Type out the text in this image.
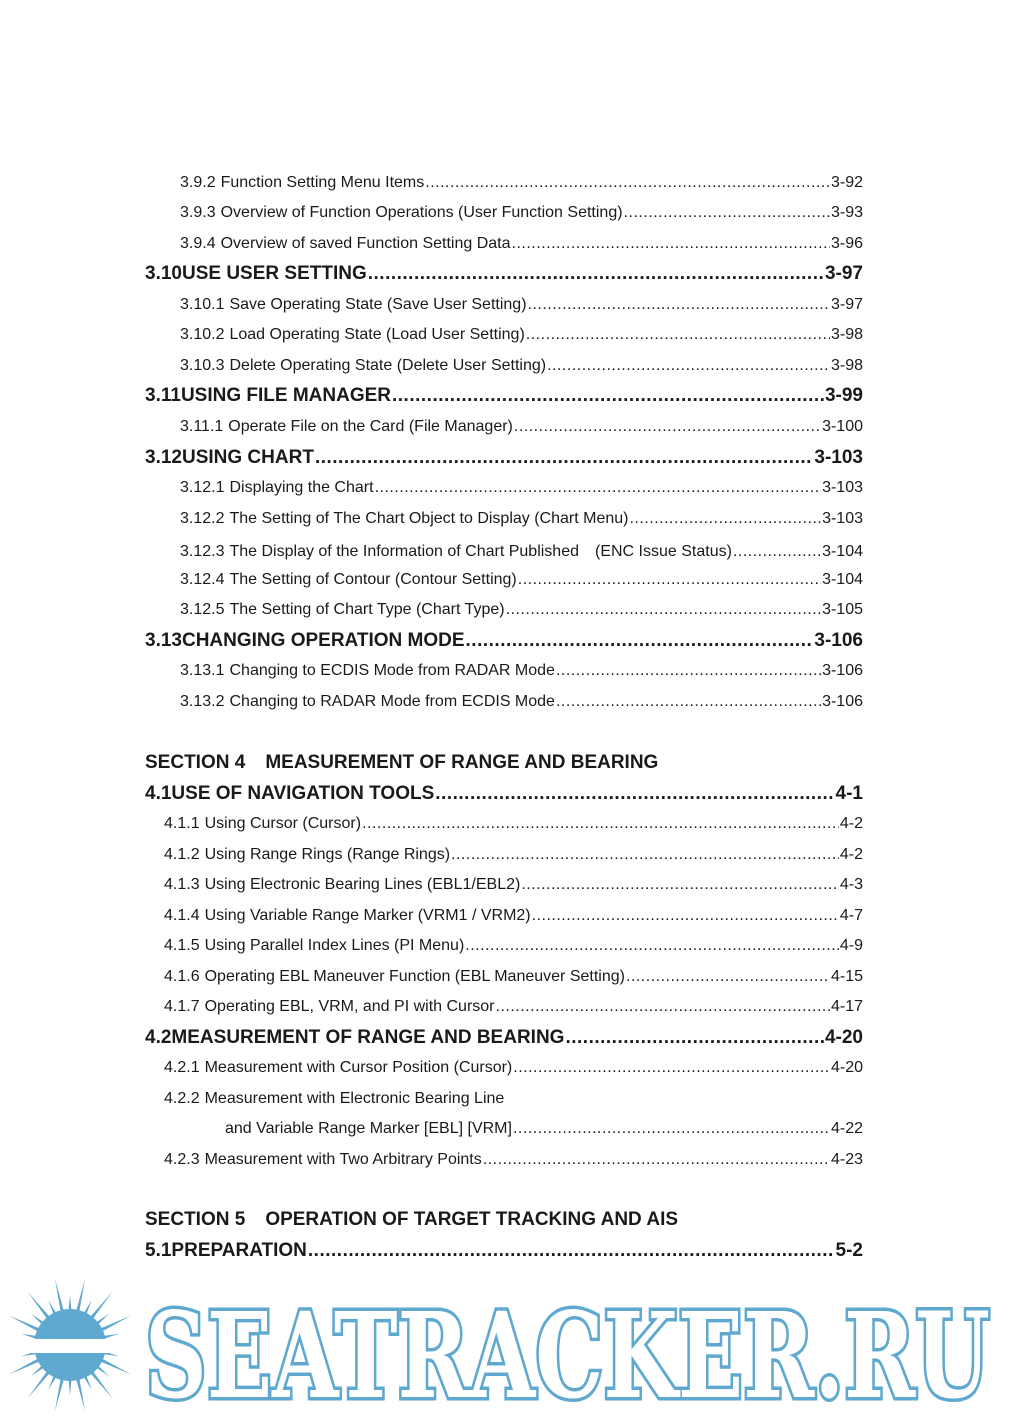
3.9.2 Function Setting Menu Items .....	3-92
3.9.3 Overview of Function Operations (User Function Setting) .....	3-93
3.9.4 Overview of saved Function Setting Data .....	3-96
3.10 USE USER SETTING .....	3-97
3.10.1 Save Operating State (Save User Setting) .....	3-97
3.10.2 Load Operating State (Load User Setting) .....	3-98
3.10.3 Delete Operating State (Delete User Setting) .....	3-98
3.11 USING FILE MANAGER .....	3-99
3.11.1 Operate File on the Card (File Manager) .....	3-100
3.12 USING CHART .....	3-103
3.12.1 Displaying the Chart .....	3-103
3.12.2 The Setting of The Chart Object to Display (Chart Menu) .....	3-103
3.12.3 The Display of the Information of Chart Published　(ENC Issue Status) .....	3-104
3.12.4 The Setting of Contour (Contour Setting) .....	3-104
3.12.5 The Setting of Chart Type (Chart Type) .....	3-105
3.13 CHANGING OPERATION MODE .....	3-106
3.13.1 Changing to ECDIS Mode from RADAR Mode .....	3-106
3.13.2 Changing to RADAR Mode from ECDIS Mode .....	3-106
SECTION 4 MEASUREMENT OF RANGE AND BEARING
4.1 USE OF NAVIGATION TOOLS .....	4-1
4.1.1 Using Cursor (Cursor) .....	4-2
4.1.2 Using Range Rings (Range Rings) .....	4-2
4.1.3 Using Electronic Bearing Lines (EBL1/EBL2) .....	4-3
4.1.4 Using Variable Range Marker (VRM1 / VRM2) .....	4-7
4.1.5 Using Parallel Index Lines (PI Menu) .....	4-9
4.1.6 Operating EBL Maneuver Function (EBL Maneuver Setting) .....	4-15
4.1.7 Operating EBL, VRM, and PI with Cursor .....	4-17
4.2 MEASUREMENT OF RANGE AND BEARING .....	4-20
4.2.1 Measurement with Cursor Position (Cursor) .....	4-20
4.2.2 Measurement with Electronic Bearing Line
and Variable Range Marker [EBL] [VRM] .....	4-22
4.2.3 Measurement with Two Arbitrary Points .....	4-23
SECTION 5 OPERATION OF TARGET TRACKING AND AIS
5.1 PREPARATION .....	5-2
SEATRACKER.RU
SEATRACKER.RU
